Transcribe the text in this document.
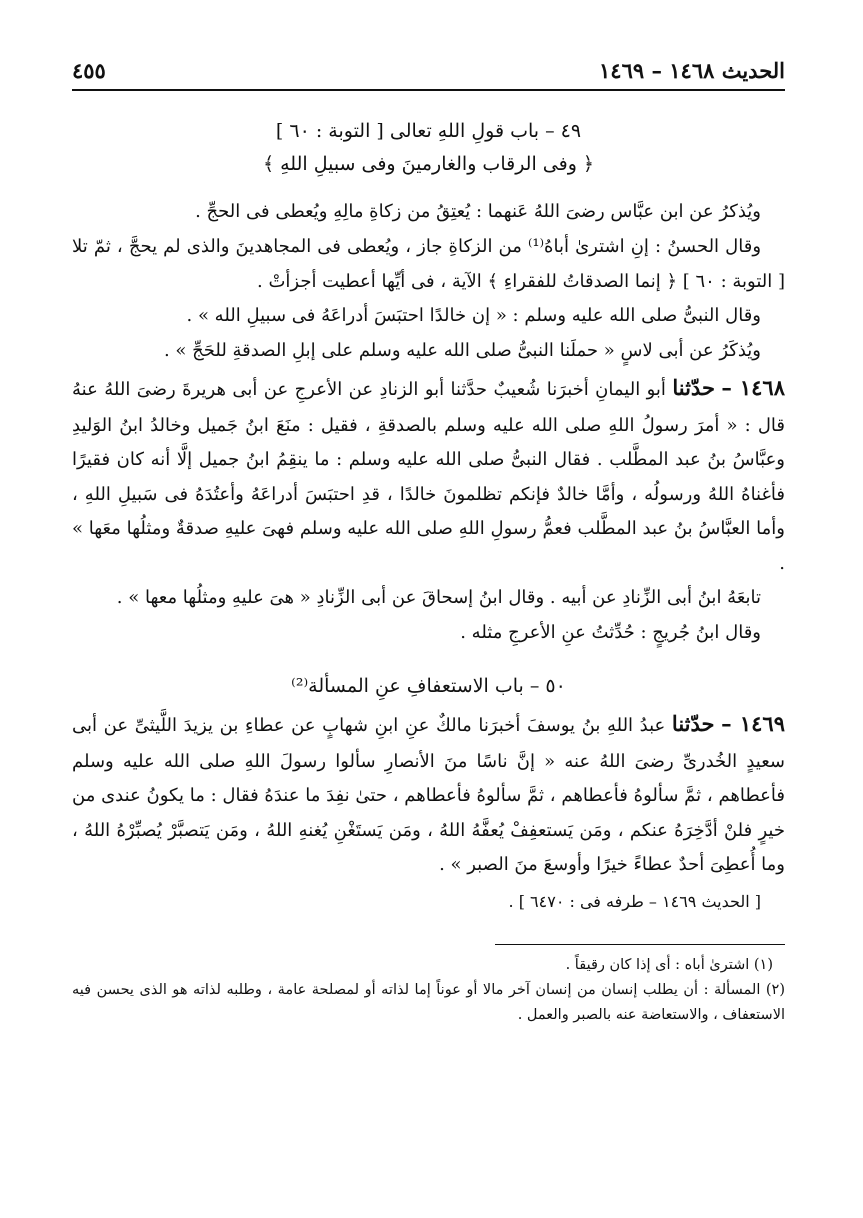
الحديث ١٤٦٨ – ١٤٦٩
٤٥٥
٤٩ – باب قولِ اللهِ تعالى [ التوبة : ٦٠ ]
﴿ وفى الرقاب والغارمينَ وفى سبيلِ اللهِ ﴾

ويُذكرُ عن ابن عبَّاس رضىَ اللهُ عَنهما : يُعتِقُ من زكاةِ مالِهِ ويُعطى فى الحجِّ .

وقال الحسنُ : إنِ اشترىٰ أباهُ⁽¹⁾ من الزكاةِ جاز ، ويُعطى فى المجاهدينَ والذى لم يحجَّ ، ثمّ تلا [ التوبة : ٦٠ ] ﴿ إنما الصدقاتُ للفقراءِ ﴾ الآية ، فى أيِّها أعطيت أجزأتْ .

وقال النبىُّ صلى الله عليه وسلم : « إن خالدًا احتبَسَ أدراعَهُ فى سبيلِ الله » .

ويُذكَرُ عن أبى لاسٍ « حملَنا النبىُّ صلى الله عليه وسلم على إبلِ الصدقةِ للحَجِّ » .

١٤٦٨ – حدّثنا أبو اليمانِ أخبرَنا شُعيبٌ حدَّثنا أبو الزنادِ عن الأعرجِ عن أبى هريرةَ رضىَ اللهُ عنهُ قال : « أمرَ رسولُ اللهِ صلى الله عليه وسلم بالصدقةِ ، فقيل : منَعَ ابنُ جَميل وخالدُ ابنُ الوَليدِ وعبَّاسُ بنُ عبد المطَّلب . فقال النبىُّ صلى الله عليه وسلم : ما ينقِمُ ابنُ جميل إلَّا أنه كان فقيرًا فأغناهُ اللهُ ورسولُه ، وأمَّا خالدٌ فإنكم تظلمونَ خالدًا ، قدِ احتبَسَ أدراعَهُ وأعتُدَهُ فى سَبيلِ اللهِ ، وأما العبَّاسُ بنُ عبد المطَّلب فعمُّ رسولِ اللهِ صلى الله عليه وسلم فهىَ عليهِ صدقةٌ ومثلُها معَها » .

تابعَهُ ابنُ أبى الزِّنادِ عن أبيه . وقال ابنُ إسحاقَ عن أبى الزِّنادِ « هىَ عليهِ ومثلُها معها » .

وقال ابنُ جُريجٍ : حُدِّثتُ عنِ الأعرجِ مثله .

٥٠ – باب الاستعفافِ عنِ المسألة⁽²⁾

١٤٦٩ – حدّثنا عبدُ اللهِ بنُ يوسفَ أخبرَنا مالكٌ عنِ ابنِ شهابٍ عن عطاءِ بن يزيدَ اللَّيثىِّ عن أبى سعيدٍ الخُدرىِّ رضىَ اللهُ عنه « إنَّ ناسًا منَ الأنصارِ سألوا رسولَ اللهِ صلى الله عليه وسلم فأعطاهم ، ثمَّ سألوهُ فأعطاهم ، ثمَّ سألوهُ فأعطاهم ، حتىٰ نفِدَ ما عندَهُ فقال : ما يكونُ عندى من خيرٍ فلنْ أدَّخِرَهُ عنكم ، ومَن يَستعفِفْ يُعفَّهُ اللهُ ، ومَن يَستَغْنِ يُغنهِ اللهُ ، ومَن يَتصبَّرْ يُصبِّرْهُ اللهُ ، وما أُعطِىَ أحدٌ عطاءً خيرًا وأوسعَ منَ الصبر » .

[ الحديث ١٤٦٩ – طرفه فى : ٦٤٧٠ ] .

(١) اشترىٰ أباه : أى إذا كان رقيقاً .

(٢) المسألة : أن يطلب إنسان من إنسان آخر مالا أو عوناً إما لذاته أو لمصلحة عامة ، وطلبه لذاته هو الذى يحسن فيه الاستعفاف ، والاستعاضة عنه بالصبر والعمل .
